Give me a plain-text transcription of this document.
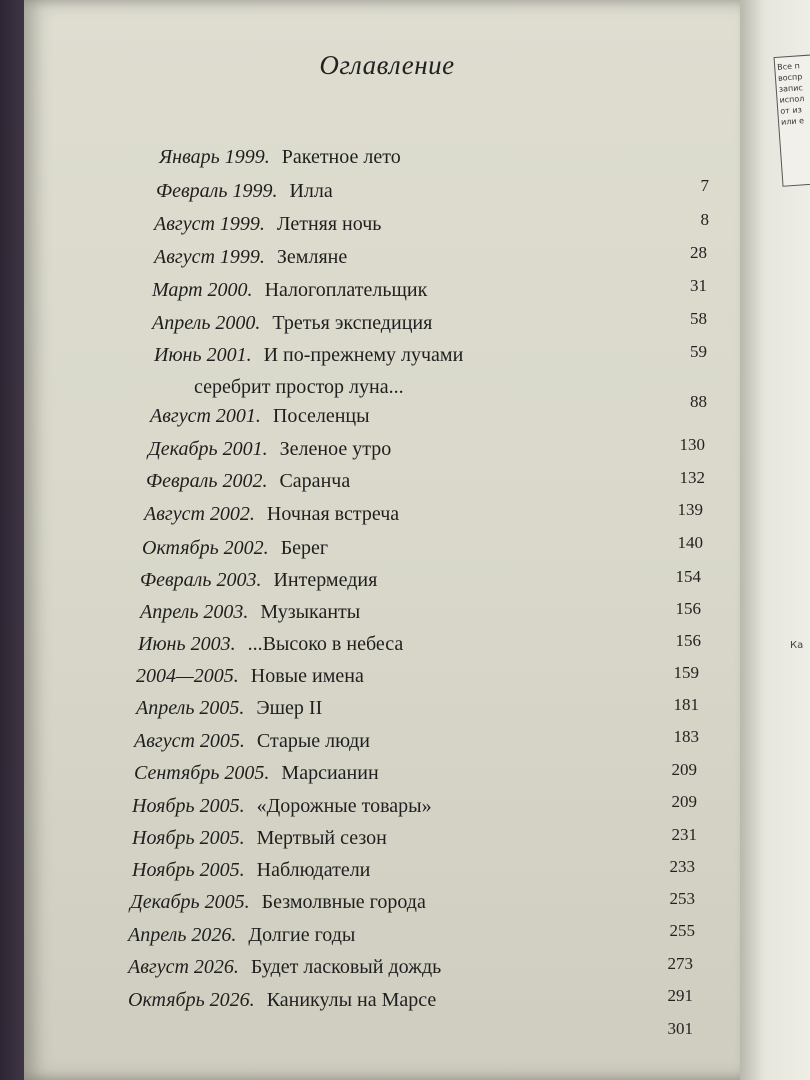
Оглавление
Январь 1999. Ракетное лето
7
Февраль 1999. Илла
8
Август 1999. Летняя ночь
28
Август 1999. Земляне
31
Март 2000. Налогоплательщик
58
Апрель 2000. Третья экспедиция
59
Июнь 2001. И по-прежнему лучами
серебрит простор луна...
88
Август 2001. Поселенцы
130
Декабрь 2001. Зеленое утро
132
Февраль 2002. Саранча
139
Август 2002. Ночная встреча
140
Октябрь 2002. Берег
154
Февраль 2003. Интермедия
156
Апрель 2003. Музыканты
156
Июнь 2003. ...Высоко в небеса
159
2004—2005. Новые имена
181
Апрель 2005. Эшер II
183
Август 2005. Старые люди
209
Сентябрь 2005. Марсианин
209
Ноябрь 2005. «Дорожные товары»
231
Ноябрь 2005. Мертвый сезон
233
Ноябрь 2005. Наблюдатели
253
Декабрь 2005. Безмолвные города
255
Апрель 2026. Долгие годы
273
Август 2026. Будет ласковый дождь
291
Октябрь 2026. Каникулы на Марсе
301
Все п
воспр
запис
испол
от из
или е
Ка
